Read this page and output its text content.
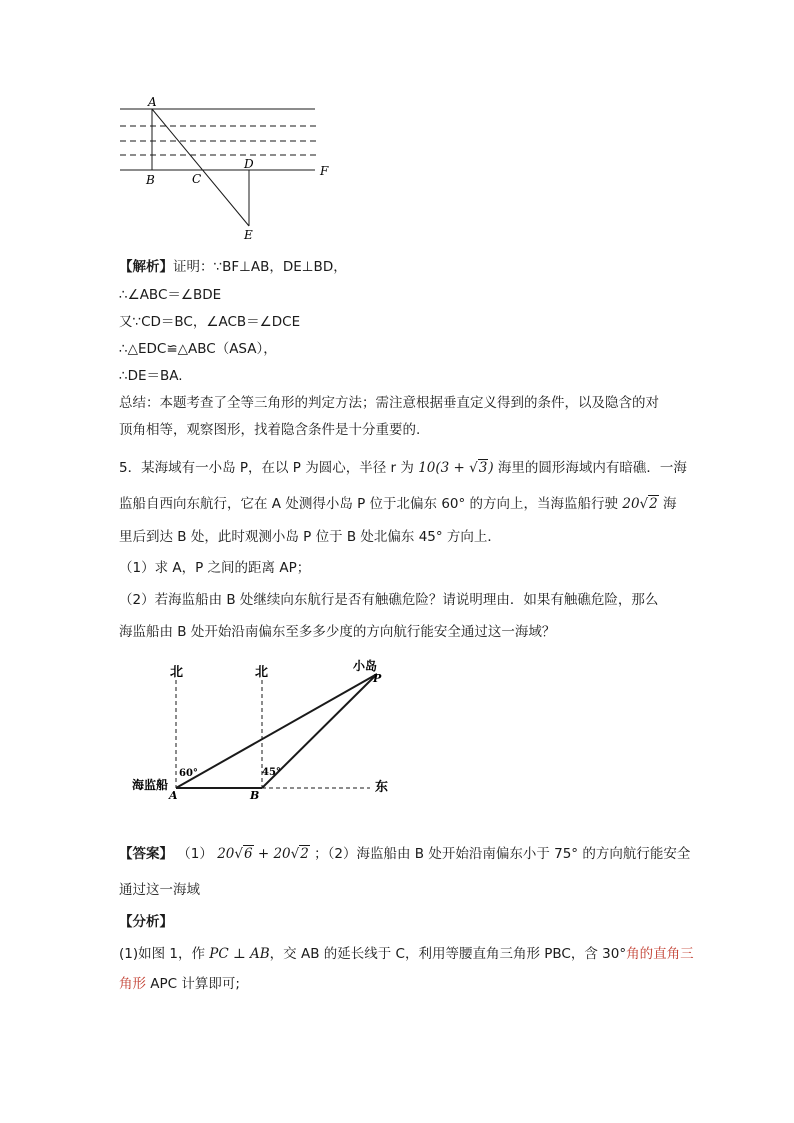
A
B	C
D	F
E
【解析】证明：∵BF⊥AB，DE⊥BD，
∴∠ABC＝∠BDE
又∵CD＝BC，∠ACB＝∠DCE
∴△EDC≌△ABC（ASA），
∴DE＝BA.
总结：本题考查了全等三角形的判定方法；需注意根据垂直定义得到的条件，以及隐含的对
顶角相等，观察图形，找着隐含条件是十分重要的.
5．某海域有一小岛 P，在以 P 为圆心，半径 r 为 10(3 + √3) 海里的圆形海域内有暗礁．一海
监船自西向东航行，它在 A 处测得小岛 P 位于北偏东 60° 的方向上，当海监船行驶 20√2 海
里后到达 B 处，此时观测小岛 P 位于 B 处北偏东 45° 方向上．
（1）求 A，P 之间的距离 AP；
（2）若海监船由 B 处继续向东航行是否有触礁危险？请说明理由．如果有触礁危险，那么
海监船由 B 处开始沿南偏东至多多少度的方向航行能安全通过这一海域？
北	北	小岛
P
海监船
A	B
东
60°	45°
【答案】 （1） 20√6 + 20√2 ；（2）海监船由 B 处开始沿南偏东小于 75° 的方向航行能安全
通过这一海域
【分析】
(1)如图 1，作 PC ⊥ AB，交 AB 的延长线于 C，利用等腰直角三角形 PBC，含 30°角的直角三
角形 APC 计算即可;
